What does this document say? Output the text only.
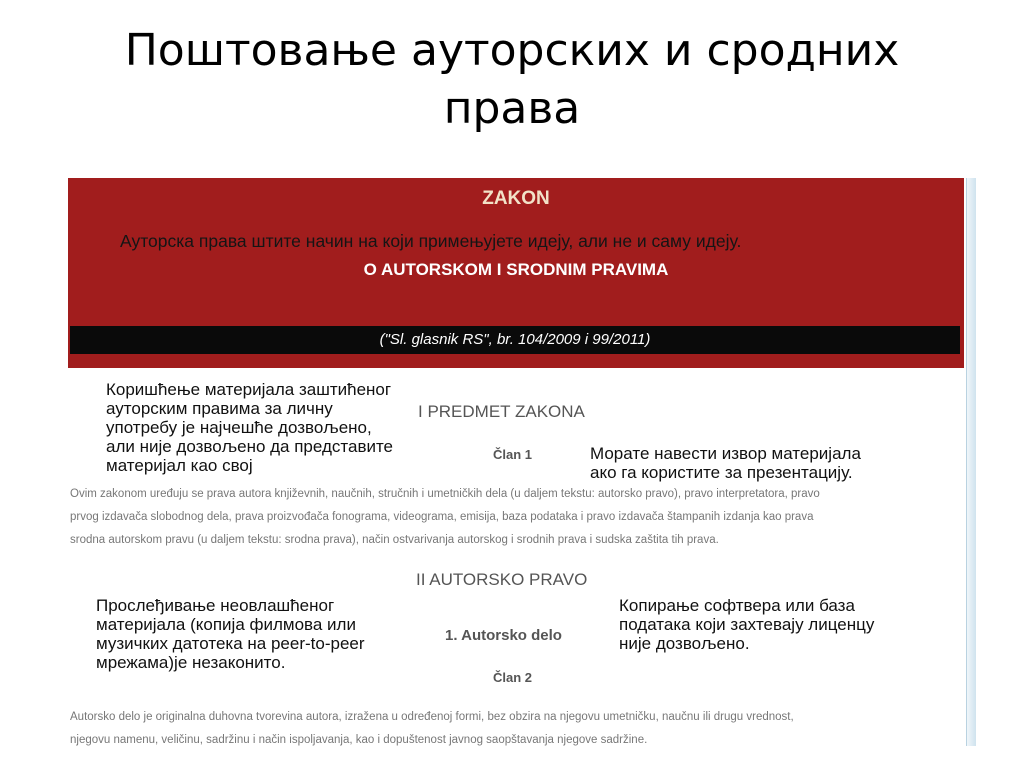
Поштовање ауторских и сродних
права
ZAKON
Ауторска права штите начин на који примењујете идеју, али не и саму идеју.
O AUTORSKOM I SRODNIM PRAVIMA
("Sl. glasnik RS", br. 104/2009 i 99/2011)
I PREDMET ZAKONA
Član 1
Коришћење материјала заштићеног
ауторским правима за личну
употребу је најчешће дозвољено,
али није дозвољено да представите
материјал као свој
Морате навести извор материјала
ако га користите за презентацију.
Ovim zakonom uređuju se prava autora književnih, naučnih, stručnih i umetničkih dela (u daljem tekstu: autorsko pravo), pravo interpretatora, pravo
prvog izdavača slobodnog dela, prava proizvođača fonograma, videograma, emisija, baza podataka i pravo izdavača štampanih izdanja kao prava
srodna autorskom pravu (u daljem tekstu: srodna prava), način ostvarivanja autorskog i srodnih prava i sudska zaštita tih prava.
II AUTORSKO PRAVO
Прослеђивање неовлашћеног
материјала (копија филмова или
музичких датотека на peer-to-peer
мрежама)је незаконито.
1. Autorsko delo
Копирање софтвера или база
података који захтевају лиценцу
није дозвољено.
Član 2
Autorsko delo je originalna duhovna tvorevina autora, izražena u određenoj formi, bez obzira na njegovu umetničku, naučnu ili drugu vrednost,
njegovu namenu, veličinu, sadržinu i način ispoljavanja, kao i dopuštenost javnog saopštavanja njegove sadržine.
